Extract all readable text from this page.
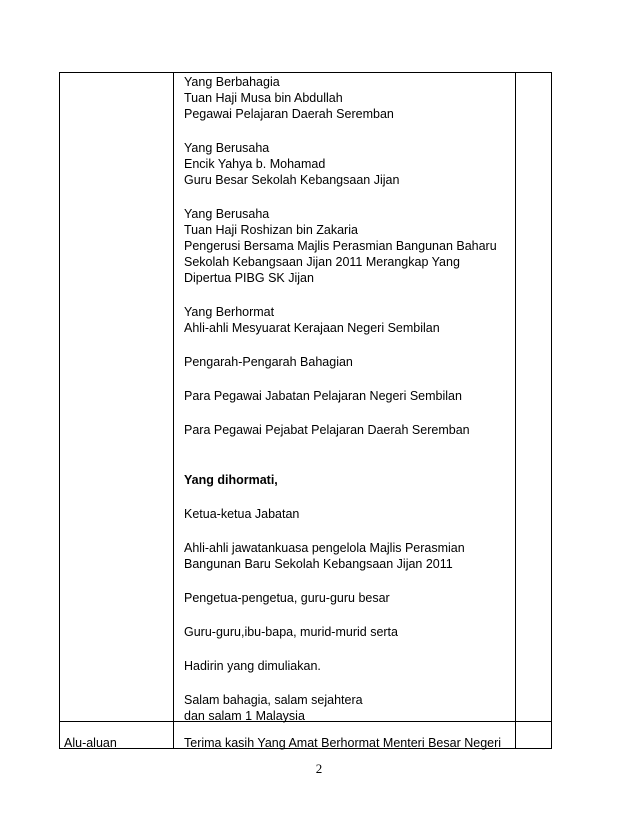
Yang Berbahagia
Tuan Haji Musa bin Abdullah
Pegawai Pelajaran Daerah Seremban
Yang Berusaha
Encik Yahya b. Mohamad
Guru Besar Sekolah Kebangsaan Jijan
Yang Berusaha
Tuan Haji Roshizan bin Zakaria
Pengerusi Bersama Majlis Perasmian Bangunan Baharu
Sekolah Kebangsaan Jijan 2011 Merangkap Yang
Dipertua PIBG SK Jijan
Yang Berhormat
Ahli-ahli Mesyuarat Kerajaan Negeri Sembilan
Pengarah-Pengarah Bahagian
Para Pegawai Jabatan Pelajaran Negeri Sembilan
Para Pegawai Pejabat Pelajaran Daerah Seremban
Yang dihormati,
Ketua-ketua Jabatan
Ahli-ahli jawatankuasa pengelola Majlis Perasmian
Bangunan Baru Sekolah Kebangsaan Jijan 2011
Pengetua-pengetua, guru-guru besar
Guru-guru,ibu-bapa, murid-murid serta
Hadirin yang dimuliakan.
Salam bahagia, salam sejahtera
dan salam 1 Malaysia
Alu-aluan	Terima kasih Yang Amat Berhormat Menteri Besar Negeri
2
